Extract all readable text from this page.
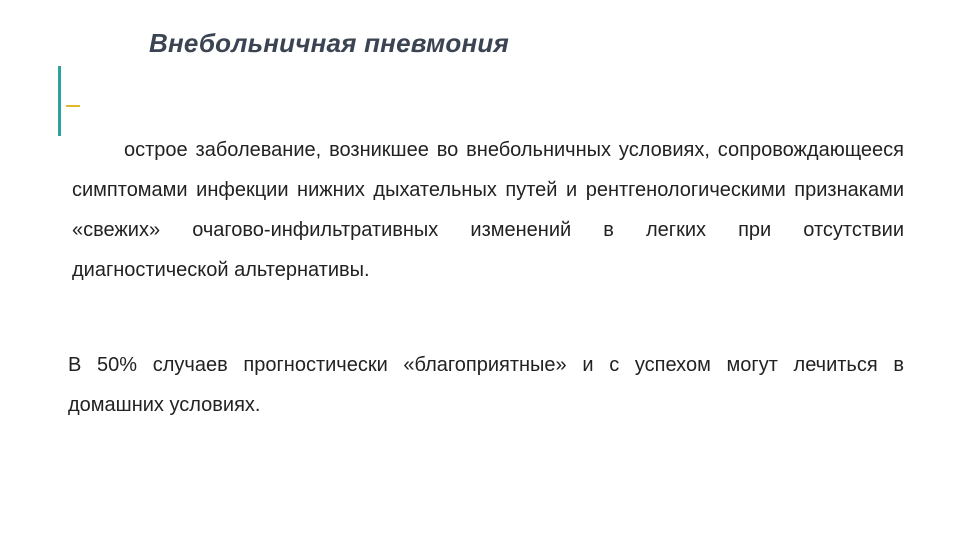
Внебольничная пневмония

острое заболевание, возникшее во внебольничных условиях, сопровождающееся симптомами инфекции нижних дыхательных путей и рентгенологическими признаками «свежих» очагово-инфильтративных изменений в легких при отсутствии диагностической альтернативы.

В 50% случаев прогностически «благоприятные» и с успехом могут лечиться в домашних условиях.
